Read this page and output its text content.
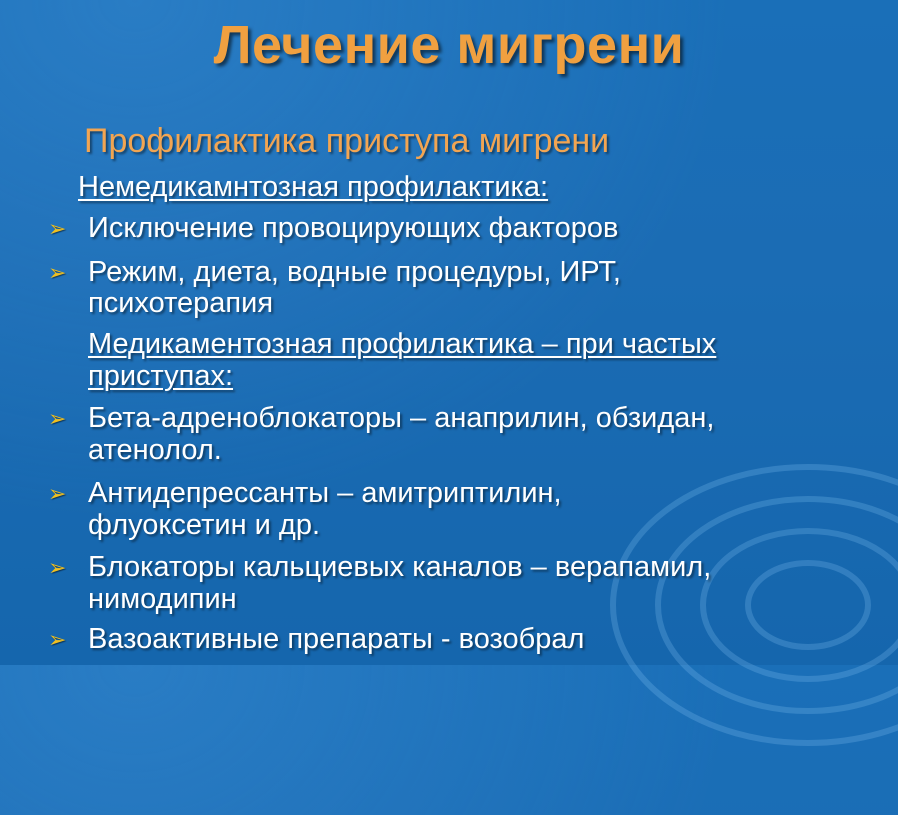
Лечение мигрени
Профилактика приступа мигрени
Немедикамнтозная профилактика:
➢ Исключение провоцирующих факторов
➢ Режим, диета, водные процедуры, ИРТ,
психотерапия
Медикаментозная профилактика – при частых
приступах:
➢ Бета-адреноблокаторы – анаприлин, обзидан,
атенолол.
➢ Антидепрессанты – амитриптилин,
флуоксетин и др.
➢ Блокаторы кальциевых каналов – верапамил,
нимодипин
➢ Вазоактивные препараты - возобрал
